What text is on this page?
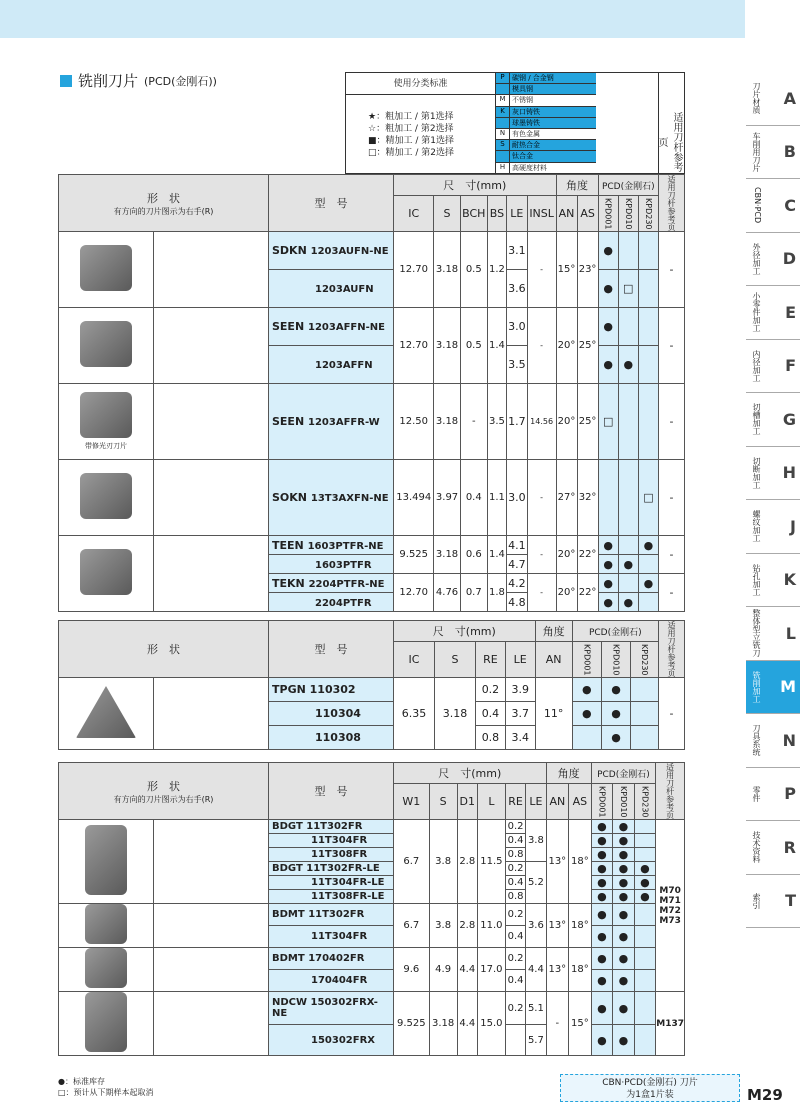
铣削刀片 (PCD(金刚石))	使用分类标准
★：粗加工 / 第1选择
☆：粗加工 / 第2选择
■：精加工 / 第1选择
□：精加工 / 第2选择
P	碳钢 / 合金钢
模具钢
M 不锈钢
K	灰口铸铁
球墨铸铁
N 有色金属
S	耐热合金
钛合金
H 高硬度材料	适用刀杆参考页
形　状
有方向的刀片图示为右手(R)		型　号	尺　寸(mm)						角度		PCD(金刚石)			适用刀杆参考页
			IC	S	BCH	BS	LE	INSL	AN	AS	KPD001	KPD010	KPD230	
		SDKN 1203AUFN-NE	12.70	3.18	0.5	1.2	3.1	-	15°	23°	●			-
		1203AUFN					3.6				●	□		
		SEEN 1203AFFN-NE	12.70	3.18	0.5	1.4	3.0	-	20°	25°	●			-
		1203AFFN					3.5				●	●		

带修光刃刀片		SEEN 1203AFFR-W	12.50	3.18	-	3.5	1.7	14.56	20°	25°	□			-
		SOKN 13T3AXFN-NE	13.494	3.97	0.4	1.1	3.0	-	27°	32°			□	-
		TEEN 1603PTFR-NE	9.525	3.18	0.6	1.4	4.1	-	20°	22°	●		●	-
		1603PTFR					4.7				●	●		
		TEKN 2204PTFR-NE	12.70	4.76	0.7	1.8	4.2	-	20°	22°	●		●	-
		2204PTFR					4.8				●	●		
形　状		型　号	尺　寸(mm)				角度	PCD(金刚石)			适用刀杆参考页
			IC	S	RE	LE	AN	KPD001	KPD010	KPD230	
		TPGN 110302	6.35	3.18	0.2	3.9	11°	●	●		-
		110304			0.4	3.7		●	●		
		110308			0.8	3.4			●		
形　状
有方向的刀片图示为右手(R)		型　号	尺　寸(mm)						角度		PCD(金刚石)			适用刀杆参考页
			W1	S	D1	L	RE	LE	AN	AS	KPD001	KPD010	KPD230	
		BDGT 11T302FR	6.7	3.8	2.8	11.5	0.2	3.8	13°	18°	●	●		M70
M71
M72
M73

		11T304FR					0.4				●	●		
		11T308FR					0.8				●	●		
		BDGT 11T302FR-LE					0.2	5.2			●	●	●	
		11T304FR-LE					0.4				●	●	●	
		11T308FR-LE					0.8				●	●	●	
		BDMT 11T302FR	6.7	3.8	2.8	11.0	0.2	3.6	13°	18°	●	●		
		11T304FR					0.4				●	●		
		BDMT 170402FR	9.6	4.9	4.4	17.0	0.2	4.4	13°	18°	●	●		
		170404FR					0.4				●	●		
		NDCW 150302FRX-NE	9.525	3.18	4.4	15.0	0.2	5.1	-	15°	●	●		M137
		150302FRX						5.7			●	●		
●：标准库存
□：预计从下期样本起取消
CBN·PCD(金刚石) 刀片
为1盒1片装	M29
刀片材质 A
车削用刀片 B
CBN·PCD C
外径加工 D
小零件加工 E
内径加工 F
切槽加工 G
切断加工 H
螺纹加工 J
钻孔加工 K
整体型立铣刀 L
铣削加工 M
刀具系统 N
零件 P
技术资料 R
索引 T
